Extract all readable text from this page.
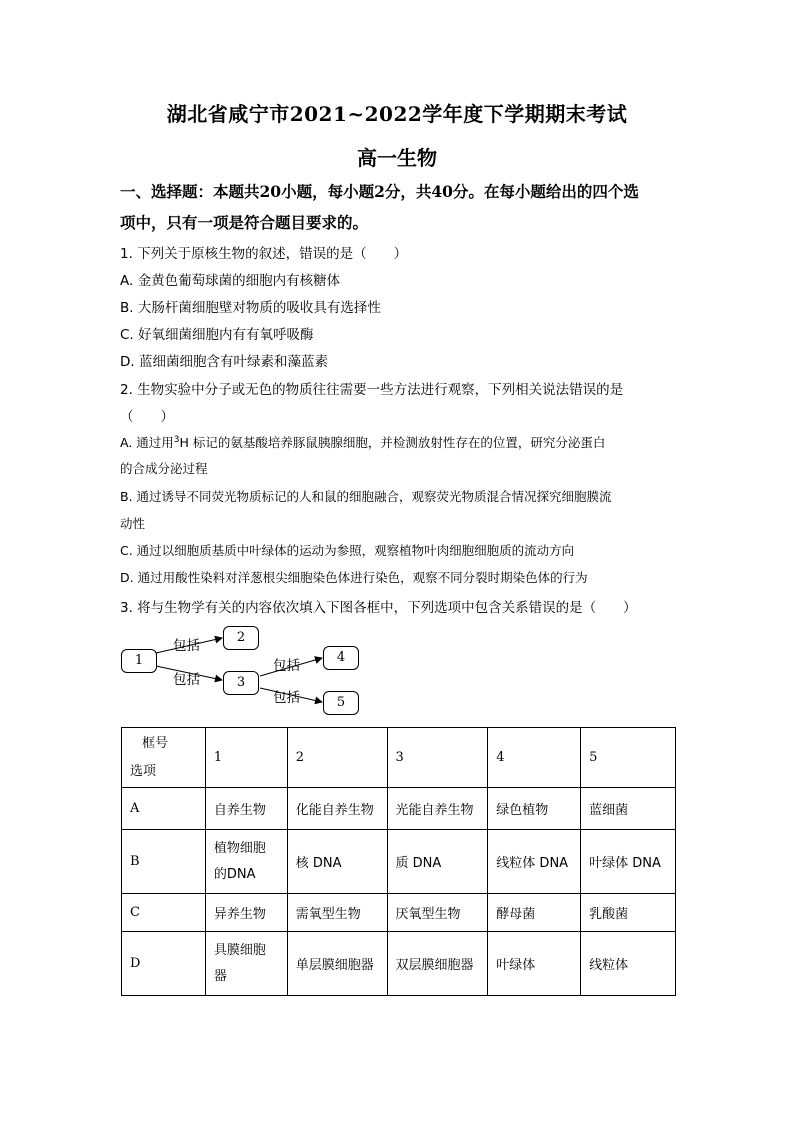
湖北省咸宁市2021~2022学年度下学期期末考试
高一生物
一、选择题：本题共20小题，每小题2分，共40分。在每小题给出的四个选
项中，只有一项是符合题目要求的。
1. 下列关于原核生物的叙述，错误的是（　　）
A. 金黄色葡萄球菌的细胞内有核糖体
B. 大肠杆菌细胞壁对物质的吸收具有选择性
C. 好氧细菌细胞内有有氧呼吸酶
D. 蓝细菌细胞含有叶绿素和藻蓝素
2. 生物实验中分子或无色的物质往往需要一些方法进行观察，下列相关说法错误的是
（　　）
A. 通过用$^3$H 标记的氨基酸培养豚鼠胰腺细胞，并检测放射性存在的位置，研究分泌蛋白
的合成分泌过程
B. 通过诱导不同荧光物质标记的人和鼠的细胞融合，观察荧光物质混合情况探究细胞膜流
动性
C. 通过以细胞质基质中叶绿体的运动为参照，观察植物叶肉细胞细胞质的流动方向
D. 通过用酸性染料对洋葱根尖细胞染色体进行染色，观察不同分裂时期染色体的行为
3. 将与生物学有关的内容依次填入下图各框中，下列选项中包含关系错误的是（　　）
1
2
3
4
5
包括
包括
包括
包括
框号
选项	1	2	3	4	5
A	自养生物	化能自养生物	光能自养生物	绿色植物	蓝细菌
B	植物细胞的DNA	核 DNA	质 DNA	线粒体 DNA	叶绿体 DNA
C	异养生物	需氧型生物	厌氧型生物	酵母菌	乳酸菌
D	具膜细胞器	单层膜细胞器	双层膜细胞器	叶绿体	线粒体
